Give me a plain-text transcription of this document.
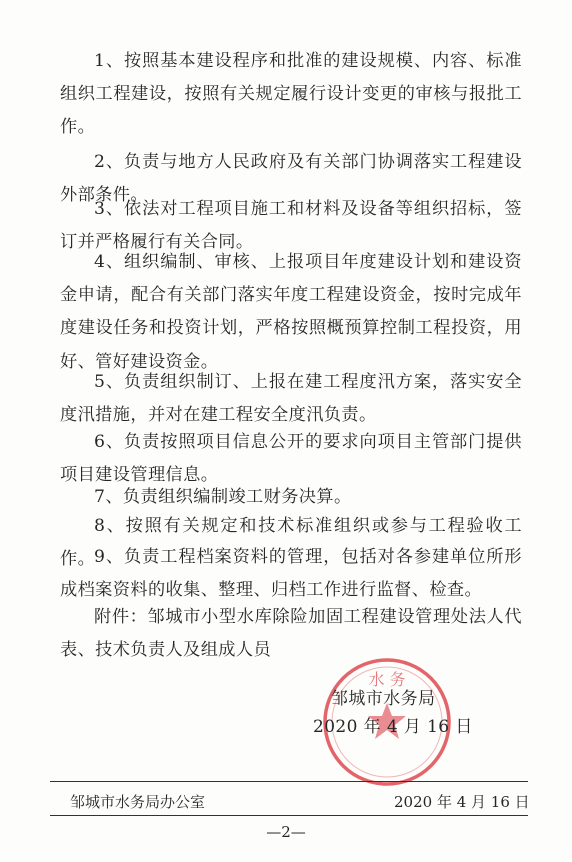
1、按照基本建设程序和批准的建设规模、内容、标准组织工程建设，按照有关规定履行设计变更的审核与报批工作。

2、负责与地方人民政府及有关部门协调落实工程建设外部条件。

3、依法对工程项目施工和材料及设备等组织招标，签订并严格履行有关合同。

4、组织编制、审核、上报项目年度建设计划和建设资金申请，配合有关部门落实年度工程建设资金，按时完成年度建设任务和投资计划，严格按照概预算控制工程投资，用好、管好建设资金。

5、负责组织制订、上报在建工程度汛方案，落实安全度汛措施，并对在建工程安全度汛负责。

6、负责按照项目信息公开的要求向项目主管部门提供项目建设管理信息。

7、负责组织编制竣工财务决算。

8、按照有关规定和技术标准组织或参与工程验收工作。

9、负责工程档案资料的管理，包括对各参建单位所形成档案资料的收集、整理、归档工作进行监督、检查。

附件：邹城市小型水库除险加固工程建设管理处法人代表、技术负责人及组成人员

水 务

邹城市水务局

2020 年 4 月 16 日

邹城市水务局办公室	2020 年 4 月 16 日

—2—
